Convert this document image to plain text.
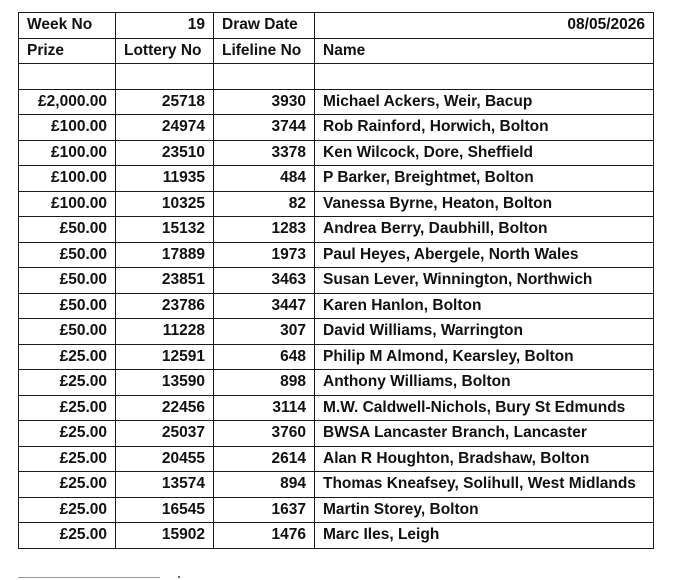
Week No	19	Draw Date	08/05/2026
Prize	Lottery No	Lifeline No	Name

£2,000.00	25718	3930	Michael Ackers, Weir, Bacup
£100.00	24974	3744	Rob Rainford, Horwich, Bolton
£100.00	23510	3378	Ken Wilcock, Dore, Sheffield
£100.00	11935	484	P Barker, Breightmet, Bolton
£100.00	10325	82	Vanessa Byrne, Heaton, Bolton
£50.00	15132	1283	Andrea Berry, Daubhill, Bolton
£50.00	17889	1973	Paul Heyes, Abergele, North Wales
£50.00	23851	3463	Susan Lever, Winnington, Northwich
£50.00	23786	3447	Karen Hanlon, Bolton
£50.00	11228	307	David Williams, Warrington
£25.00	12591	648	Philip M Almond, Kearsley, Bolton
£25.00	13590	898	Anthony Williams, Bolton
£25.00	22456	3114	M.W. Caldwell-Nichols, Bury St Edmunds
£25.00	25037	3760	BWSA Lancaster Branch, Lancaster
£25.00	20455	2614	Alan R Houghton, Bradshaw, Bolton
£25.00	13574	894	Thomas Kneafsey, Solihull, West Midlands
£25.00	16545	1637	Martin Storey, Bolton
£25.00	15902	1476	Marc Iles, Leigh
